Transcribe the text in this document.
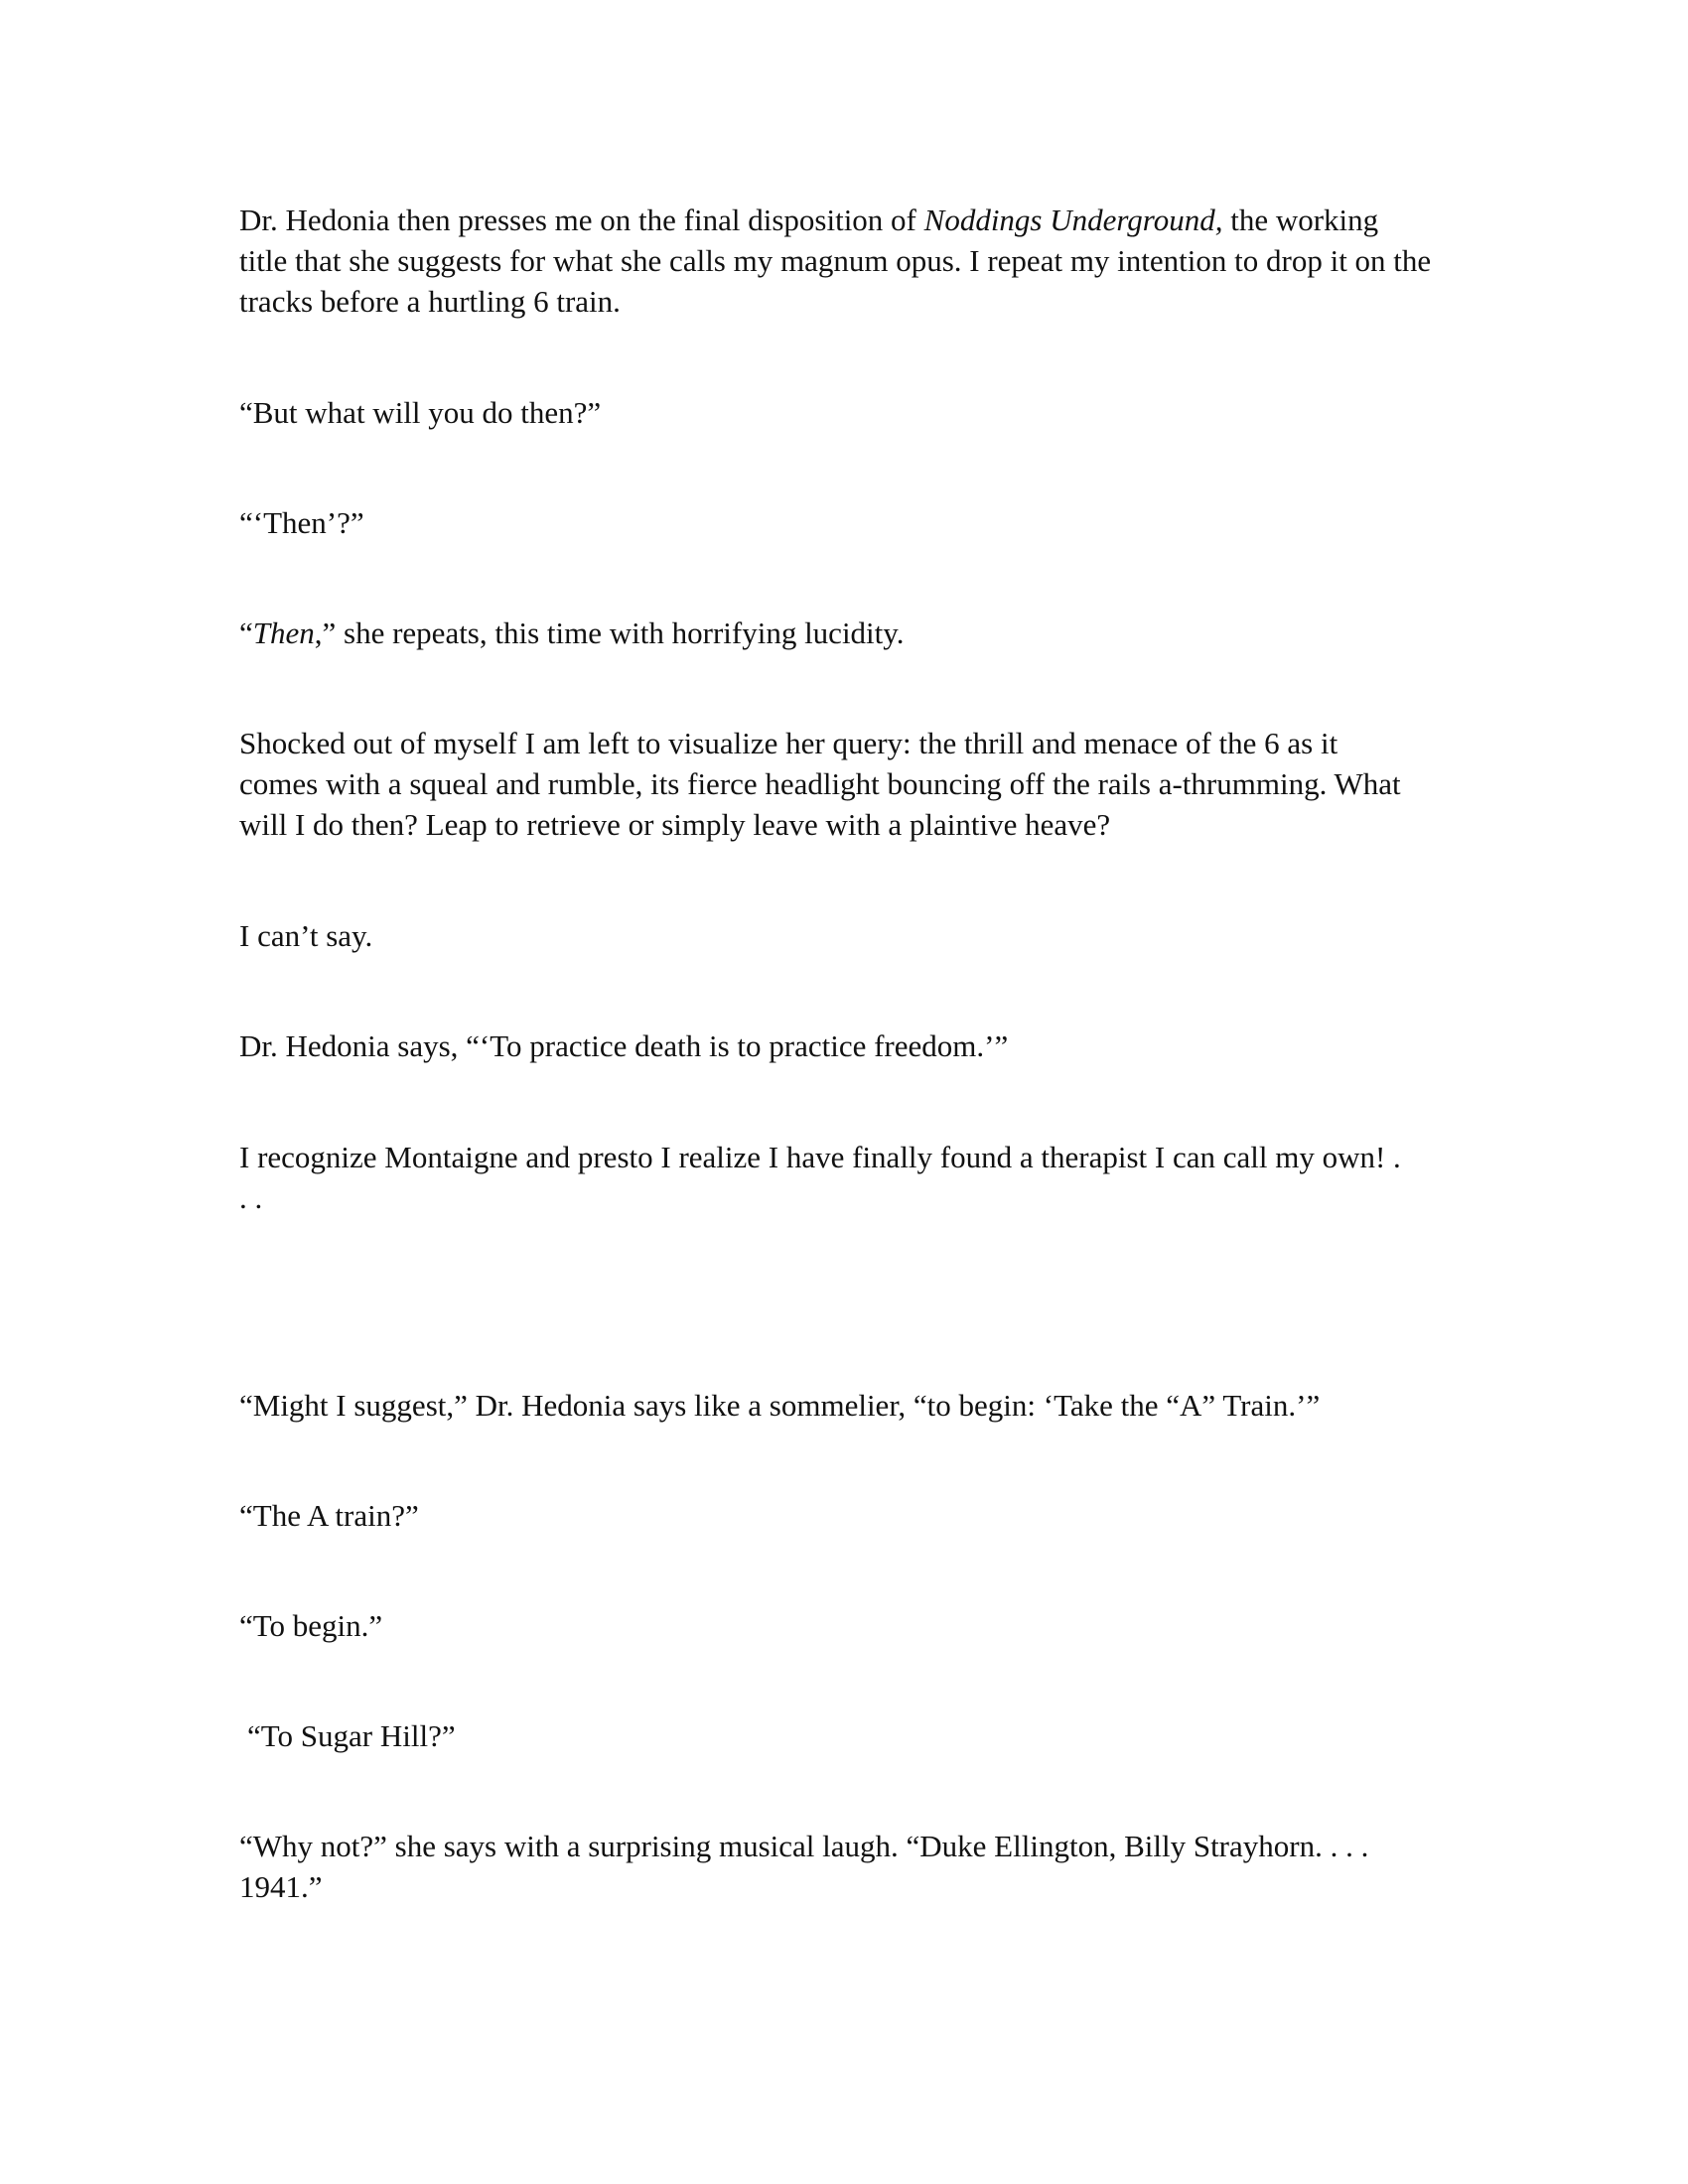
Dr. Hedonia then presses me on the final disposition of Noddings Underground, the working
title that she suggests for what she calls my magnum opus. I repeat my intention to drop it on the
tracks before a hurtling 6 train.
“But what will you do then?”
“‘Then’?”
“Then,” she repeats, this time with horrifying lucidity.
Shocked out of myself I am left to visualize her query: the thrill and menace of the 6 as it
comes with a squeal and rumble, its fierce headlight bouncing off the rails a-thrumming. What
will I do then? Leap to retrieve or simply leave with a plaintive heave?
I can’t say.
Dr. Hedonia says, “‘To practice death is to practice freedom.’”
I recognize Montaigne and presto I realize I have finally found a therapist I can call my own! .
. .
“Might I suggest,” Dr. Hedonia says like a sommelier, “to begin: ‘Take the “A” Train.’”
“The A train?”
“To begin.”
“To Sugar Hill?”
“Why not?” she says with a surprising musical laugh. “Duke Ellington, Billy Strayhorn. . . .
1941.”
